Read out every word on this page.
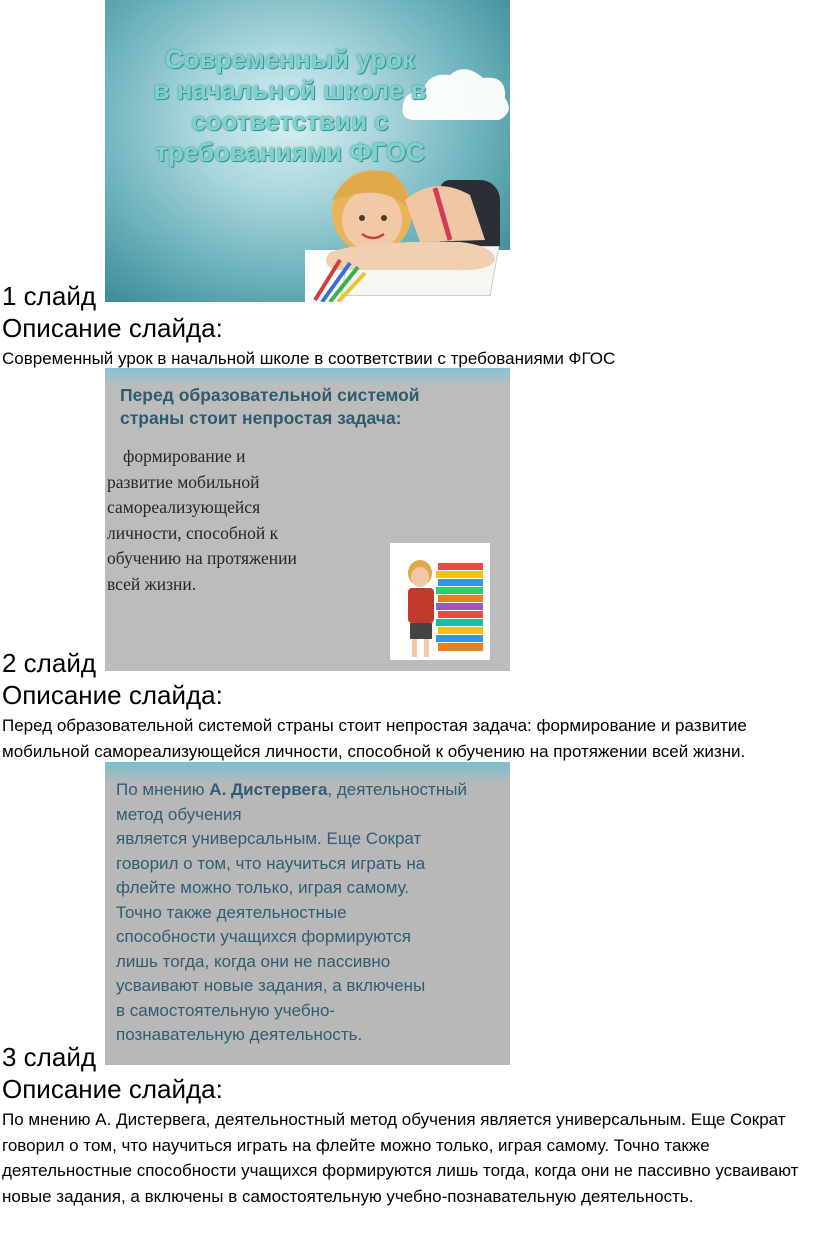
Современный урок
в начальной школе в
соответствии с
требованиями ФГОС
1 слайд
Описание слайда:
Современный урок в начальной школе в соответствии с требованиями ФГОС
Перед образовательной системой
страны стоит непростая задача:
формирование и
развитие мобильной
самореализующейся
личности, способной к
обучению на протяжении
всей жизни.
2 слайд
Описание слайда:
Перед образовательной системой страны стоит непростая задача: формирование и развитие мобильной самореализующейся личности, способной к обучению на протяжении всей жизни.
По мнению А. Дистервега, деятельностный метод обучения
является универсальным. Еще Сократ
говорил о том, что научиться играть на
флейте можно только, играя самому.
Точно также деятельностные
способности учащихся формируются
лишь тогда, когда они не пассивно
усваивают новые задания, а включены
в самостоятельную учебно-
познавательную деятельность.
3 слайд
Описание слайда:
По мнению А. Дистервега, деятельностный метод обучения является универсальным. Еще Сократ говорил о том, что научиться играть на флейте можно только, играя самому. Точно также деятельностные способности учащихся формируются лишь тогда, когда они не пассивно усваивают новые задания, а включены в самостоятельную учебно-познавательную деятельность.
